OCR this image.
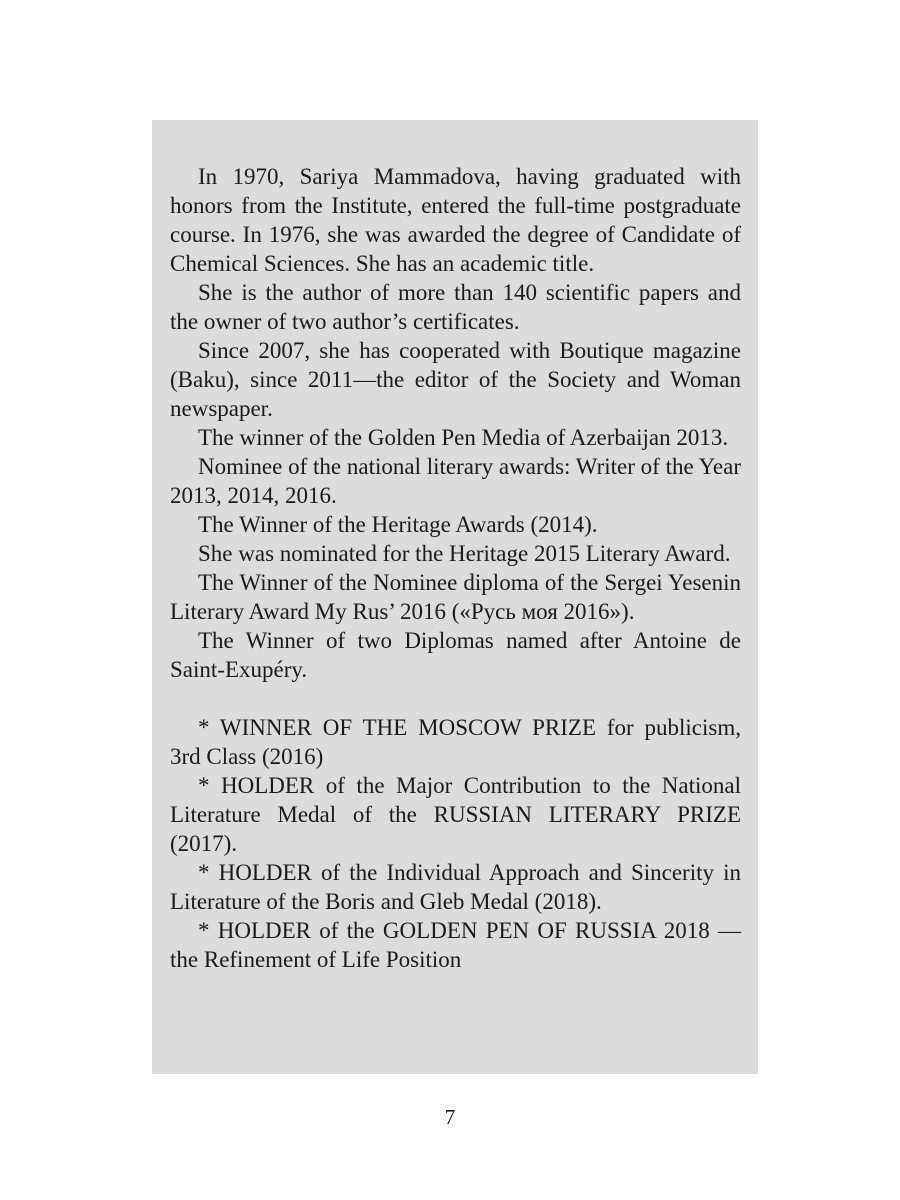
In 1970, Sariya Mammadova, having graduated with honors from the Institute, entered the full-time postgraduate course. In 1976, she was awarded the degree of Candidate of Chemical Sciences. She has an academic title.

She is the author of more than 140 scientific papers and the owner of two author’s certificates.

Since 2007, she has cooperated with Boutique magazine (Baku), since 2011—the editor of the Society and Woman newspaper.

The winner of the Golden Pen Media of Azerbaijan 2013.

Nominee of the national literary awards: Writer of the Year 2013, 2014, 2016.

The Winner of the Heritage Awards (2014).

She was nominated for the Heritage 2015 Literary Award.

The Winner of the Nominee diploma of the Sergei Yesenin Literary Award My Rus’ 2016 («Русь моя 2016»).

The Winner of two Diplomas named after Antoine de Saint-Exupéry.

* WINNER OF THE MOSCOW PRIZE for publicism, 3rd Class (2016)

* HOLDER of the Major Contribution to the National Literature Medal of the RUSSIAN LITERARY PRIZE (2017).

* HOLDER of the Individual Approach and Sincerity in Literature of the Boris and Gleb Medal (2018).

* HOLDER of the GOLDEN PEN OF RUSSIA 2018 — the Refinement of Life Position

7
